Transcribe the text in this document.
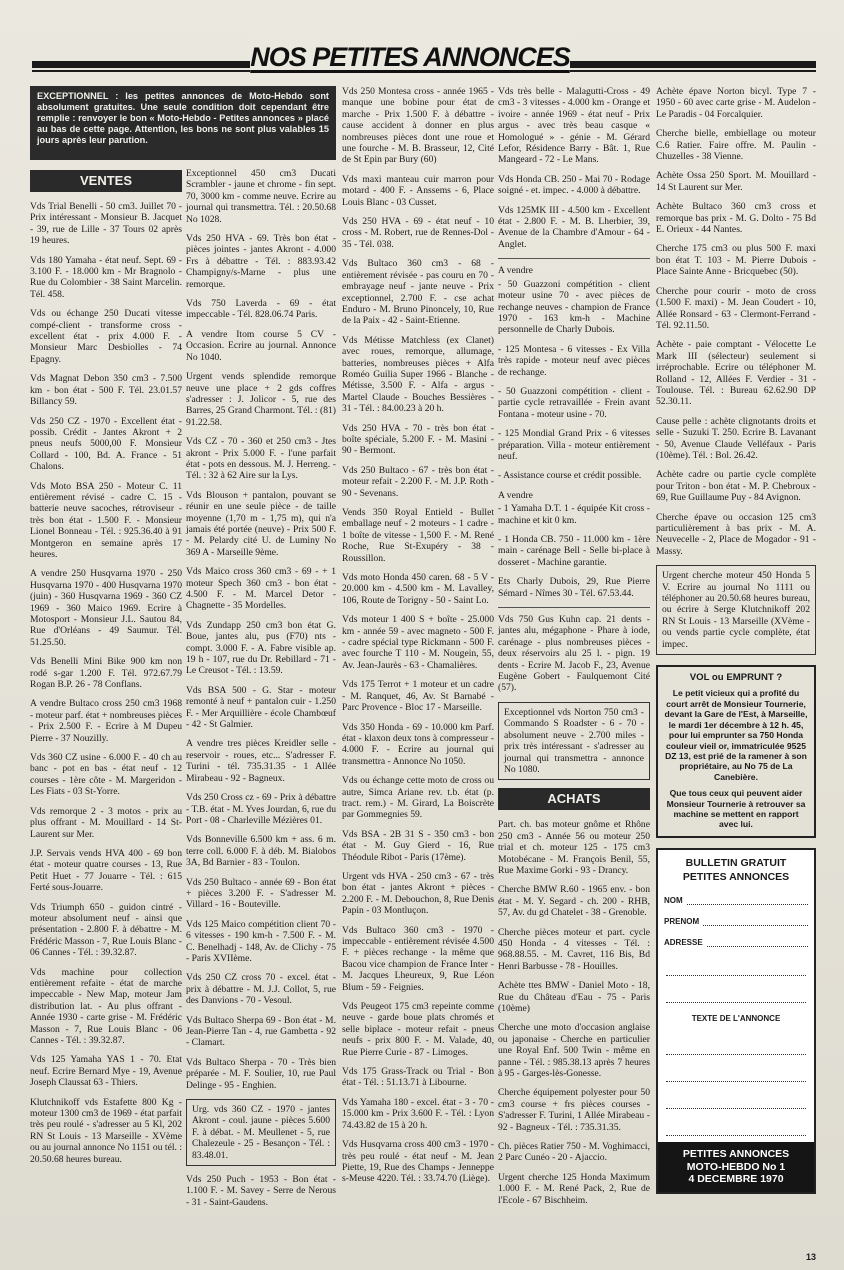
NOS PETITES ANNONCES
EXCEPTIONNEL : les petites annonces de Moto-Hebdo sont absolument gratuites. Une seule condition doit cependant être remplie : renvoyer le bon « Moto-Hebdo - Petites annonces » placé au bas de cette page. Attention, les bons ne sont plus valables 15 jours après leur parution.
VENTES
Vds Trial Benelli - 50 cm3. Juillet 70 - Prix intéressant - Monsieur B. Jacquet - 39, rue de Lille - 37 Tours 02 après 19 heures.
Vds 180 Yamaha - état neuf. Sept. 69 - 3.100 F. - 18.000 km - Mr Bragnolo - Rue du Colombier - 38 Saint Marcelin. Tél. 458.
Vds ou échange 250 Ducati vitesse compé-client - transforme cross - excellent état - prix 4.000 F. - Monsieur Marc Desbiolles - 74 Epagny.
Vds Magnat Debon 350 cm3 - 7.500 km - bon état - 500 F. Tél. 23.01.57 Billancy 59.
Vds 250 CZ - 1970 - Excellent état - possib. Crédit - Jantes Akront + 2 pneus neufs 5000,00 F. Monsieur Collard - 100, Bd. A. France - 51 Chalons.
Vds Moto BSA 250 - Moteur C. 11 entièrement révisé - cadre C. 15 - batterie neuve sacoches, rétroviseur - très bon état - 1.500 F. - Monsieur Lionel Bonneau - Tél. : 925.36.40 à 91 Montgeron en semaine après 17 heures.
A vendre 250 Husqvarna 1970 - 250 Husqvarna 1970 - 400 Husqvarna 1970 (juin) - 360 Husqvarna 1969 - 360 CZ 1969 - 360 Maico 1969. Ecrire à Motosport - Monsieur J.L. Sautou 84, Rue d'Orléans - 49 Saumur. Tél. 51.25.50.
Vds Benelli Mini Bike 900 km non rodé s-gar 1.200 F. Tél. 972.67.79 Rogan B.P. 26 - 78 Conflans.
A vendre Bultaco cross 250 cm3 1968 - moteur parf. état + nombreuses pièces - Prix 2.500 F. - Ecrire à M Dupeu Pierre - 37 Nouzilly.
Vds 360 CZ usine - 6.000 F. - 40 ch au banc - pot en bas - état neuf - 12 courses - 1ère côte - M. Margeridon - Les Fiats - 03 St-Yorre.
Vds remorque 2 - 3 motos - prix au plus offrant - M. Mouillard - 14 St-Laurent sur Mer.
J.P. Servais vends HVA 400 - 69 bon état - moteur quatre courses - 13, Rue Petit Huet - 77 Jouarre - Tél. : 615 Ferté sous-Jouarre.
Vds Triumph 650 - guidon cintré - moteur absolument neuf - ainsi que présentation - 2.800 F. à débattre - M. Frédéric Masson - 7, Rue Louis Blanc - 06 Cannes - Tél. : 39.32.87.
Vds machine pour collection entièrement refaite - état de marche impeccable - New Map, moteur Jam distribution lat. - Au plus offrant - Année 1930 - carte grise - M. Frédéric Masson - 7, Rue Louis Blanc - 06 Cannes - Tél. : 39.32.87.
Vds 125 Yamaha YAS 1 - 70. Etat neuf. Ecrire Bernard Mye - 19, Avenue Joseph Claussat 63 - Thiers.
Klutchnikoff vds Estafette 800 Kg - moteur 1300 cm3 de 1969 - état parfait très peu roulé - s'adresser au 5 Kl, 202 RN St Louis - 13 Marseille - XVème ou au journal annonce No 1151 ou tél. : 20.50.68 heures bureau.
Exceptionnel 450 cm3 Ducati Scrambler - jaune et chrome - fin sept. 70, 3000 km - comme neuve. Ecrire au journal qui transmettra. Tél. : 20.50.68 No 1028.
Vds 250 HVA - 69. Très bon état - pièces jointes - jantes Akront - 4.000 Frs à débattre - Tél. : 883.93.42 Champigny/s-Marne - plus une remorque.
Vds 750 Laverda - 69 - état impeccable - Tél. 828.06.74 Paris.
A vendre Itom course 5 CV - Occasion. Ecrire au journal. Annonce No 1040.
Urgent vends splendide remorque neuve une place + 2 gds coffres s'adresser : J. Jolicor - 5, rue des Barres, 25 Grand Charmont. Tél. : (81) 91.22.58.
Vds CZ - 70 - 360 et 250 cm3 - Jtes akront - Prix 5.000 F. - l'une parfait état - pots en dessous. M. J. Herreng. - Tél. : 32 à 62 Aire sur la Lys.
Vds Blouson + pantalon, pouvant se réunir en une seule pièce - de taille moyenne (1,70 m - 1,75 m), qui n'a jamais été portée (neuve) - Prix 500 F. - M. Pelardy cité U. de Luminy No 369 A - Marseille 9ème.
Vds Maico cross 360 cm3 - 69 - + 1 moteur Spech 360 cm3 - bon état - 4.500 F. - M. Marcel Detor - Chagnette - 35 Mordelles.
Vds Zundapp 250 cm3 bon état G. Boue, jantes alu, pus (F70) nts - compt. 3.000 F. - A. Fabre visible ap. 19 h - 107, rue du Dr. Rebillard - 71 - Le Creusot - Tél. : 13.59.
Vds BSA 500 - G. Star - moteur remonté à neuf + pantalon cuir - 1.250 F. - Mer Arquillière - école Chambœuf - 42 - St Galmier.
A vendre tres pièces Kreidler selle - reservoir - roues, etc... S'adresser F. Turini - tél. 735.31.35 - 1 Allée Mirabeau - 92 - Bagneux.
Vds 250 Cross cz - 69 - Prix à débattre - T.B. état - M. Yves Jourdan, 6, rue du Port - 08 - Charleville Mézières 01.
Vds Bonneville 6.500 km + ass. 6 m. terre coll. 6.000 F. à déb. M. Bialobos 3A, Bd Barnier - 83 - Toulon.
Vds 250 Bultaco - année 69 - Bon état + pièces 3.200 F. - S'adresser M. Villard - 16 - Bouteville.
Vds 125 Maico compétition client 70 - 6 vitesses - 190 km-h - 7.500 F. - M. C. Benelhadj - 148, Av. de Clichy - 75 - Paris XVIIème.
Vds 250 CZ cross 70 - excel. état - prix à débattre - M. J.J. Collot, 5, rue des Danvions - 70 - Vesoul.
Vds Bultaco Sherpa 69 - Bon état - M. Jean-Pierre Tan - 4, rue Gambetta - 92 - Clamart.
Vds Bultaco Sherpa - 70 - Très bien préparée - M. F. Soulier, 10, rue Paul Delinge - 95 - Enghien.
Urg. vds 360 CZ - 1970 - jantes Akront - coul. jaune - pièces 5.600 F. à débat. - M. Meullenet - 5, rue Chalezeule - 25 - Besançon - Tél. : 83.48.01.
Vds 250 Puch - 1953 - Bon état - 1.100 F. - M. Savey - Serre de Nerous - 31 - Saint-Gaudens.
Vds 250 Montesa cross - année 1965 - manque une bobine pour état de marche - Prix 1.500 F. à débattre - cause accident à donner en plus nombreuses pièces dont une roue et une fourche - M. B. Brasseur, 12, Cité de St Epin par Bury (60)
Vds maxi manteau cuir marron pour motard - 400 F. - Anssems - 6, Place Louis Blanc - 03 Cusset.
Vds 250 HVA - 69 - état neuf - 10 cross - M. Robert, rue de Rennes-Dol - 35 - Tél. 038.
Vds Bultaco 360 cm3 - 68 - entièrement révisée - pas couru en 70 - embrayage neuf - jante neuve - Prix exceptionnel, 2.700 F. - cse achat Enduro - M. Bruno Pinoncely, 10, Rue de la Paix - 42 - Saint-Etienne.
Vds Métisse Matchless (ex Clanet) avec roues, remorque, allumage, batteries, nombreuses pièces + Alfa Roméo Guilia Super 1966 - Blanche - Métisse, 3.500 F. - Alfa - argus - Martel Claude - Bouches Bessières - 31 - Tél. : 84.00.23 à 20 h.
Vds 250 HVA - 70 - très bon état - boîte spéciale, 5.200 F. - M. Masini - 90 - Bermont.
Vds 250 Bultaco - 67 - très bon état - moteur refait - 2.200 F. - M. J.P. Roth - 90 - Sevenans.
Vends 350 Royal Entield - Bullet emballage neuf - 2 moteurs - 1 cadre - 1 boîte de vitesse - 1,500 F. - M. René Roche, Rue St-Exupéry - 38 - Roussillon.
Vds moto Honda 450 caren. 68 - 5 V - 20.000 km - 4.500 km - M. Lavalley, 106, Route de Torigny - 50 - Saint Lo.
Vds moteur 1 400 S + boîte - 25.000 km - année 59 - avec magneto - 500 F. - cadre spécial type Rickmann - 500 F. avec fourche T 110 - M. Nougein, 55, Av. Jean-Jaurès - 63 - Chamalières.
Vds 175 Terrot + 1 moteur et un cadre - M. Ranquet, 46, Av. St Barnabé - Parc Provence - Bloc 17 - Marseille.
Vds 350 Honda - 69 - 10.000 km Parf. état - klaxon deux tons à compresseur - 4.000 F. - Ecrire au journal qui transmettra - Annonce No 1050.
Vds ou échange cette moto de cross ou autre, Simca Ariane rev. t.b. état (p. tract. rem.) - M. Girard, La Boiscrète par Gommegnies 59.
Vds BSA - 2B 31 S - 350 cm3 - bon état - M. Guy Gierd - 16, Rue Théodule Ribot - Paris (17ème).
Urgent vds HVA - 250 cm3 - 67 - très bon état - jantes Akront + pièces - 2.200 F. - M. Debouchon, 8, Rue Denis Papin - 03 Montluçon.
Vds Bultaco 360 cm3 - 1970 - impeccable - entièrement révisée 4.500 F. + pièces rechange - la même que Bacou vice champion de France Inter - M. Jacques Lheureux, 9, Rue Léon Blum - 59 - Feignies.
Vds Peugeot 175 cm3 repeinte comme neuve - garde boue plats chromés et selle biplace - moteur refait - pneus neufs - prix 800 F. - M. Valade, 40, Rue Pierre Curie - 87 - Limoges.
Vds 175 Grass-Track ou Trial - Bon état - Tél. : 51.13.71 à Libourne.
Vds Yamaha 180 - excel. état - 3 - 70 - 15.000 km - Prix 3.600 F. - Tél. : Lyon 74.43.82 de 15 à 20 h.
Vds Husqvarna cross 400 cm3 - 1970 - très peu roulé - état neuf - M. Jean Piette, 19, Rue des Champs - Jenneppe s-Meuse 4220. Tél. : 33.74.70 (Liège).
Vds très belle - Malagutti-Cross - 49 cm3 - 3 vitesses - 4.000 km - Orange et ivoire - année 1969 - état neuf - Prix argus - avec très beau casque « Homologué » - génie - M. Gérard Lefor, Résidence Barry - Bât. 1, Rue Mangeard - 72 - Le Mans.
Vds Honda CB. 250 - Mai 70 - Rodage soigné - et. impec. - 4.000 à débattre.
Vds 125MK III - 4.500 km - Excellent état - 2.800 F. - M. B. Lherbier, 39, Avenue de la Chambre d'Amour - 64 - Anglet.
A vendre
- 50 Guazzoni compétition - client moteur usine 70 - avec pièces de rechange neuves - champion de France 1970 - 163 km-h - Machine personnelle de Charly Dubois.
- 125 Montesa - 6 vitesses - Ex Villa très rapide - moteur neuf avec pièces de rechange.
- 50 Guazzoni compétition - client - partie cycle retravaillée - Frein avant Fontana - moteur usine - 70.
- 125 Mondial Grand Prix - 6 vitesses préparation. Villa - moteur entièrement neuf.
- Assistance course et crédit possible.
A vendre
- 1 Yamaha D.T. 1 - équipée Kit cross - machine et kit 0 km.
- 1 Honda CB. 750 - 11.000 km - 1ère main - carénage Bell - Selle bi-place à dosseret - Machine garantie.
Ets Charly Dubois, 29, Rue Pierre Sémard - Nîmes 30 - Tél. 67.53.44.
Vds 750 Gus Kuhn cap. 21 dents - jantes alu, mégaphone - Phare à iode, carénage - plus nombreuses pièces - deux réservoirs alu 25 l. - pign. 19 dents - Ecrire M. Jacob F., 23, Avenue Eugène Gobert - Faulquemont Cité (57).
Exceptionnel vds Norton 750 cm3 - Commando S Roadster - 6 - 70 - absolument neuve - 2.700 miles - prix très intéressant - s'adresser au journal qui transmettra - annonce No 1080.
ACHATS
Part. ch. bas moteur gnôme et Rhône 250 cm3 - Année 56 ou moteur 250 trial et ch. moteur 125 - 175 cm3 Motobécane - M. François Benil, 55, Rue Maxime Gorki - 93 - Drancy.
Cherche BMW R.60 - 1965 env. - bon état - M. Y. Segard - ch. 200 - RHB, 57, Av. du gd Chatelet - 38 - Grenoble.
Cherche pièces moteur et part. cycle 450 Honda - 4 vitesses - Tél. : 968.88.55. - M. Cavret, 116 Bis, Bd Henri Barbusse - 78 - Houilles.
Achète ttes BMW - Daniel Moto - 18, Rue du Château d'Eau - 75 - Paris (10ème)
Cherche une moto d'occasion anglaise ou japonaise - Cherche en particulier une Royal Enf. 500 Twin - même en panne - Tél. : 985.38.13 après 7 heures à 95 - Garges-lès-Gonesse.
Cherche équipement polyester pour 50 cm3 course + frs pièces courses - S'adresser F. Turini, 1 Allée Mirabeau - 92 - Bagneux - Tél. : 735.31.35.
Ch. pièces Ratier 750 - M. Voghimacci, 2 Parc Cunéo - 20 - Ajaccio.
Urgent cherche 125 Honda Maximum 1.000 F. - M. René Pack, 2, Rue de l'Ecole - 67 Bischheim.
Achète épave Norton bicyl. Type 7 - 1950 - 60 avec carte grise - M. Audelon - Le Paradis - 04 Forcalquier.
Cherche bielle, embiellage ou moteur C.6 Ratier. Faire offre. M. Paulin - Chuzelles - 38 Vienne.
Achète Ossa 250 Sport. M. Mouillard - 14 St Laurent sur Mer.
Achète Bultaco 360 cm3 cross et remorque bas prix - M. G. Dolto - 75 Bd E. Orieux - 44 Nantes.
Cherche 175 cm3 ou plus 500 F. maxi bon état T. 103 - M. Pierre Dubois - Place Sainte Anne - Bricquebec (50).
Cherche pour courir - moto de cross (1.500 F. maxi) - M. Jean Coudert - 10, Allée Ronsard - 63 - Clermont-Ferrand - Tél. 92.11.50.
Achète - paie comptant - Vélocette Le Mark III (sélecteur) seulement si irréprochable. Ecrire ou téléphoner M. Rolland - 12, Allées F. Verdier - 31 - Toulouse. Tél. : Bureau 62.62.90 DP 52.30.11.
Cause pelle : achète clignotants droits et selle - Suzuki T. 250. Ecrire B. Lavanant - 50, Avenue Claude Velléfaux - Paris (10ème). Tél. : Bol. 26.42.
Achète cadre ou partie cycle complète pour Triton - bon état - M. P. Chebroux - 69, Rue Guillaume Puy - 84 Avignon.
Cherche épave ou occasion 125 cm3 particulièrement à bas prix - M. A. Neuvecelle - 2, Place de Mogador - 91 - Massy.
Urgent cherche moteur 450 Honda 5 V. Ecrire au journal No 1111 ou téléphoner au 20.50.68 heures bureau, ou écrire à Serge Klutchnikoff 202 RN St Louis - 13 Marseille (XVème - ou vends partie cycle complète, état impec.
VOL ou EMPRUNT ?
Le petit vicieux qui a profité du court arrêt de Monsieur Tournerie, devant la Gare de l'Est, à Marseille, le mardi 1er décembre à 12 h. 45, pour lui emprunter sa 750 Honda couleur vieil or, immatriculée 9525 DZ 13, est prié de la ramener à son propriétaire, au No 75 de La Canebière.
Que tous ceux qui peuvent aider Monsieur Tournerie à retrouver sa machine se mettent en rapport avec lui.
BULLETIN GRATUIT
PETITES ANNONCES
NOM
PRENOM
ADRESSE
TEXTE DE L'ANNONCE
PETITES ANNONCES
MOTO-HEBDO No 1
4 DECEMBRE 1970
13
